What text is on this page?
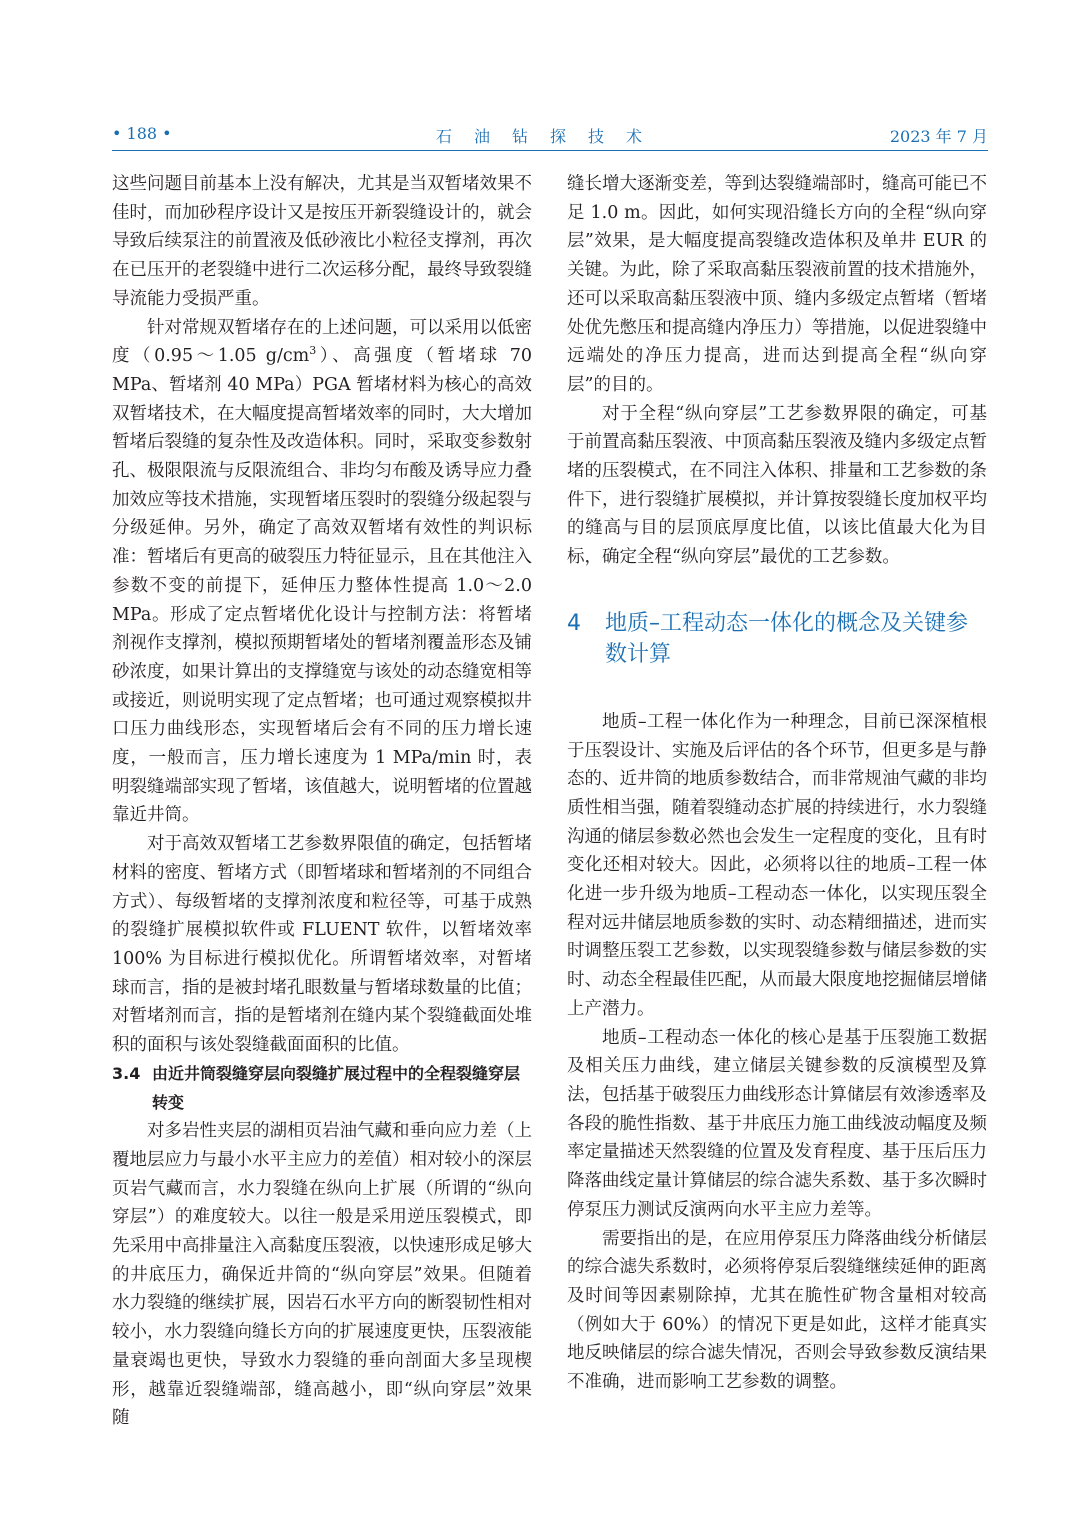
• 188 •	石油钻探技术	2023 年 7 月

这些问题目前基本上没有解决，尤其是当双暂堵效果不佳时，而加砂程序设计又是按压开新裂缝设计的，就会导致后续泵注的前置液及低砂液比小粒径支撑剂，再次在已压开的老裂缝中进行二次运移分配，最终导致裂缝导流能力受损严重。

针对常规双暂堵存在的上述问题，可以采用以低密度（0.95～1.05 $g/cm^3$）、高强度（暂堵球 70 MPa、暂堵剂 40 MPa）PGA 暂堵材料为核心的高效双暂堵技术，在大幅度提高暂堵效率的同时，大大增加暂堵后裂缝的复杂性及改造体积。同时，采取变参数射孔、极限限流与反限流组合、非均匀布酸及诱导应力叠加效应等技术措施，实现暂堵压裂时的裂缝分级起裂与分级延伸。另外，确定了高效双暂堵有效性的判识标准：暂堵后有更高的破裂压力特征显示，且在其他注入参数不变的前提下，延伸压力整体性提高 1.0～2.0 MPa。形成了定点暂堵优化设计与控制方法：将暂堵剂视作支撑剂，模拟预期暂堵处的暂堵剂覆盖形态及铺砂浓度，如果计算出的支撑缝宽与该处的动态缝宽相等或接近，则说明实现了定点暂堵；也可通过观察模拟井口压力曲线形态，实现暂堵后会有不同的压力增长速度，一般而言，压力增长速度为 1 MPa/min 时，表明裂缝端部实现了暂堵，该值越大，说明暂堵的位置越靠近井筒。

对于高效双暂堵工艺参数界限值的确定，包括暂堵材料的密度、暂堵方式（即暂堵球和暂堵剂的不同组合方式）、每级暂堵的支撑剂浓度和粒径等，可基于成熟的裂缝扩展模拟软件或 FLUENT 软件，以暂堵效率 100% 为目标进行模拟优化。所谓暂堵效率，对暂堵球而言，指的是被封堵孔眼数量与暂堵球数量的比值；对暂堵剂而言，指的是暂堵剂在缝内某个裂缝截面处堆积的面积与该处裂缝截面面积的比值。

3.4 由近井筒裂缝穿层向裂缝扩展过程中的全程裂缝穿层转变

对多岩性夹层的湖相页岩油气藏和垂向应力差（上覆地层应力与最小水平主应力的差值）相对较小的深层页岩气藏而言，水力裂缝在纵向上扩展（所谓的“纵向穿层”）的难度较大。以往一般是采用逆压裂模式，即先采用中高排量注入高黏度压裂液，以快速形成足够大的井底压力，确保近井筒的“纵向穿层”效果。但随着水力裂缝的继续扩展，因岩石水平方向的断裂韧性相对较小，水力裂缝向缝长方向的扩展速度更快，压裂液能量衰竭也更快，导致水力裂缝的垂向剖面大多呈现楔形，越靠近裂缝端部，缝高越小，即“纵向穿层”效果随

缝长增大逐渐变差，等到达裂缝端部时，缝高可能已不足 1.0 m。因此，如何实现沿缝长方向的全程“纵向穿层”效果，是大幅度提高裂缝改造体积及单井 EUR 的关键。为此，除了采取高黏压裂液前置的技术措施外，还可以采取高黏压裂液中顶、缝内多级定点暂堵（暂堵处优先憋压和提高缝内净压力）等措施，以促进裂缝中远端处的净压力提高，进而达到提高全程“纵向穿层”的目的。

对于全程“纵向穿层”工艺参数界限的确定，可基于前置高黏压裂液、中顶高黏压裂液及缝内多级定点暂堵的压裂模式，在不同注入体积、排量和工艺参数的条件下，进行裂缝扩展模拟，并计算按裂缝长度加权平均的缝高与目的层顶底厚度比值，以该比值最大化为目标，确定全程“纵向穿层”最优的工艺参数。

4	地质–工程动态一体化的概念及关键参数计算

地质–工程一体化作为一种理念，目前已深深植根于压裂设计、实施及后评估的各个环节，但更多是与静态的、近井筒的地质参数结合，而非常规油气藏的非均质性相当强，随着裂缝动态扩展的持续进行，水力裂缝沟通的储层参数必然也会发生一定程度的变化，且有时变化还相对较大。因此，必须将以往的地质–工程一体化进一步升级为地质–工程动态一体化，以实现压裂全程对远井储层地质参数的实时、动态精细描述，进而实时调整压裂工艺参数，以实现裂缝参数与储层参数的实时、动态全程最佳匹配，从而最大限度地挖掘储层增储上产潜力。

地质–工程动态一体化的核心是基于压裂施工数据及相关压力曲线，建立储层关键参数的反演模型及算法，包括基于破裂压力曲线形态计算储层有效渗透率及各段的脆性指数、基于井底压力施工曲线波动幅度及频率定量描述天然裂缝的位置及发育程度、基于压后压力降落曲线定量计算储层的综合滤失系数、基于多次瞬时停泵压力测试反演两向水平主应力差等。

需要指出的是，在应用停泵压力降落曲线分析储层的综合滤失系数时，必须将停泵后裂缝继续延伸的距离及时间等因素剔除掉，尤其在脆性矿物含量相对较高（例如大于 60%）的情况下更是如此，这样才能真实地反映储层的综合滤失情况，否则会导致参数反演结果不准确，进而影响工艺参数的调整。
